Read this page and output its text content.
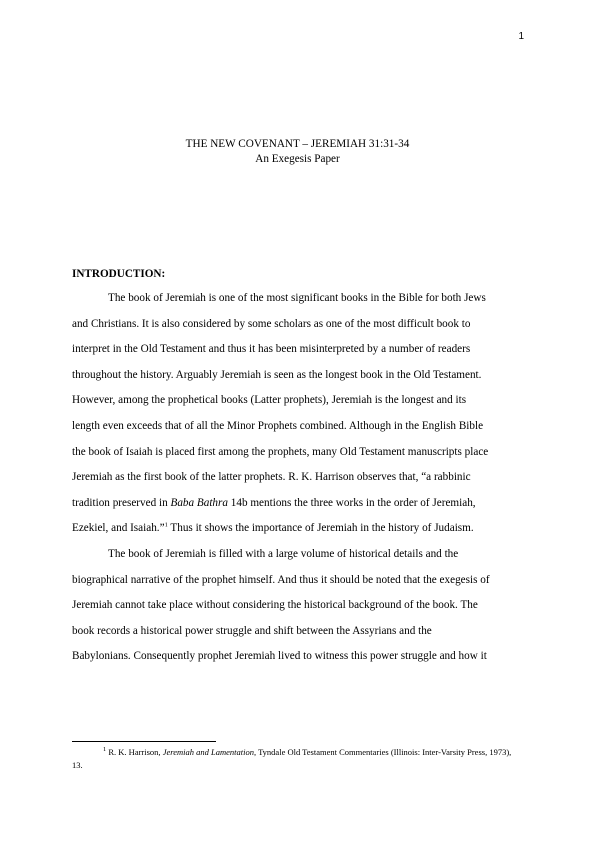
1
THE NEW COVENANT – JEREMIAH 31:31-34
An Exegesis Paper

INTRODUCTION:

The book of Jeremiah is one of the most significant books in the Bible for both Jews
and Christians. It is also considered by some scholars as one of the most difficult book to
interpret in the Old Testament and thus it has been misinterpreted by a number of readers
throughout the history. Arguably Jeremiah is seen as the longest book in the Old Testament.
However, among the prophetical books (Latter prophets), Jeremiah is the longest and its
length even exceeds that of all the Minor Prophets combined. Although in the English Bible
the book of Isaiah is placed first among the prophets, many Old Testament manuscripts place
Jeremiah as the first book of the latter prophets. R. K. Harrison observes that, “a rabbinic
tradition preserved in Baba Bathra 14b mentions the three works in the order of Jeremiah,
Ezekiel, and Isaiah.”$^1$ Thus it shows the importance of Jeremiah in the history of Judaism.

The book of Jeremiah is filled with a large volume of historical details and the
biographical narrative of the prophet himself. And thus it should be noted that the exegesis of
Jeremiah cannot take place without considering the historical background of the book. The
book records a historical power struggle and shift between the Assyrians and the
Babylonians. Consequently prophet Jeremiah lived to witness this power struggle and how it

$^1$ R. K. Harrison, Jeremiah and Lamentation, Tyndale Old Testament Commentaries (Illinois: Inter-Varsity Press, 1973), 13.
